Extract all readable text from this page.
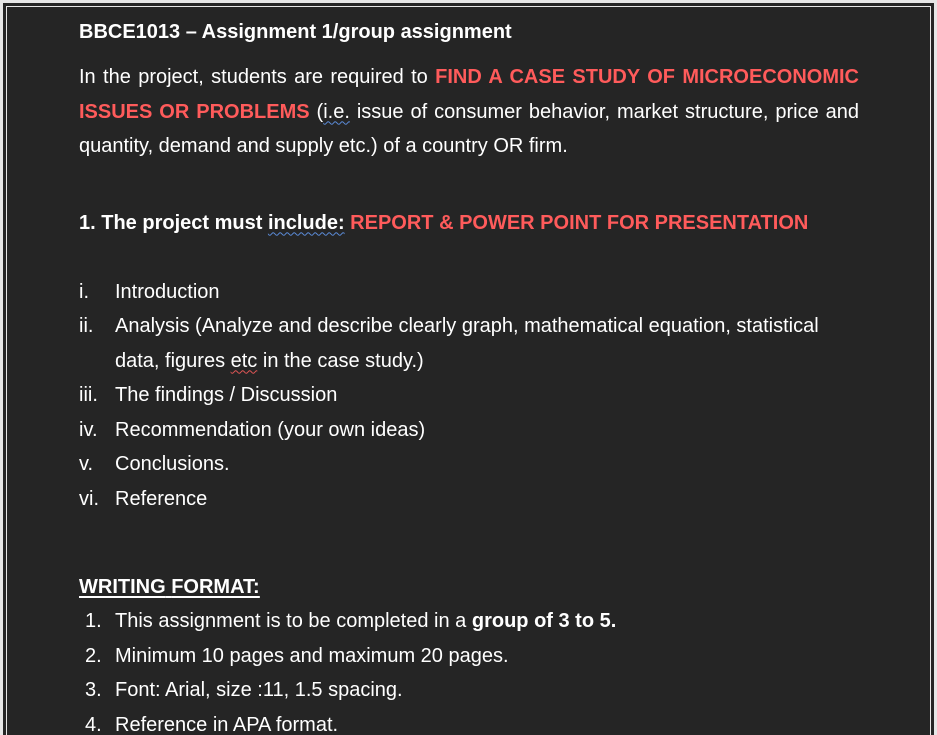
BBCE1013 – Assignment 1/group assignment

In the project, students are required to FIND A CASE STUDY OF MICROECONOMIC ISSUES OR PROBLEMS (i.e. issue of consumer behavior, market structure, price and quantity, demand and supply etc.) of a country OR firm.

1. The project must include: REPORT & POWER POINT FOR PRESENTATION

i. Introduction
ii. Analysis (Analyze and describe clearly graph, mathematical equation, statistical data, figures etc in the case study.)
iii. The findings / Discussion
iv. Recommendation (your own ideas)
v. Conclusions.
vi. Reference

WRITING FORMAT:

1. This assignment is to be completed in a group of 3 to 5.
2. Minimum 10 pages and maximum 20 pages.
3. Font: Arial, size :11, 1.5 spacing.
4. Reference in APA format.
